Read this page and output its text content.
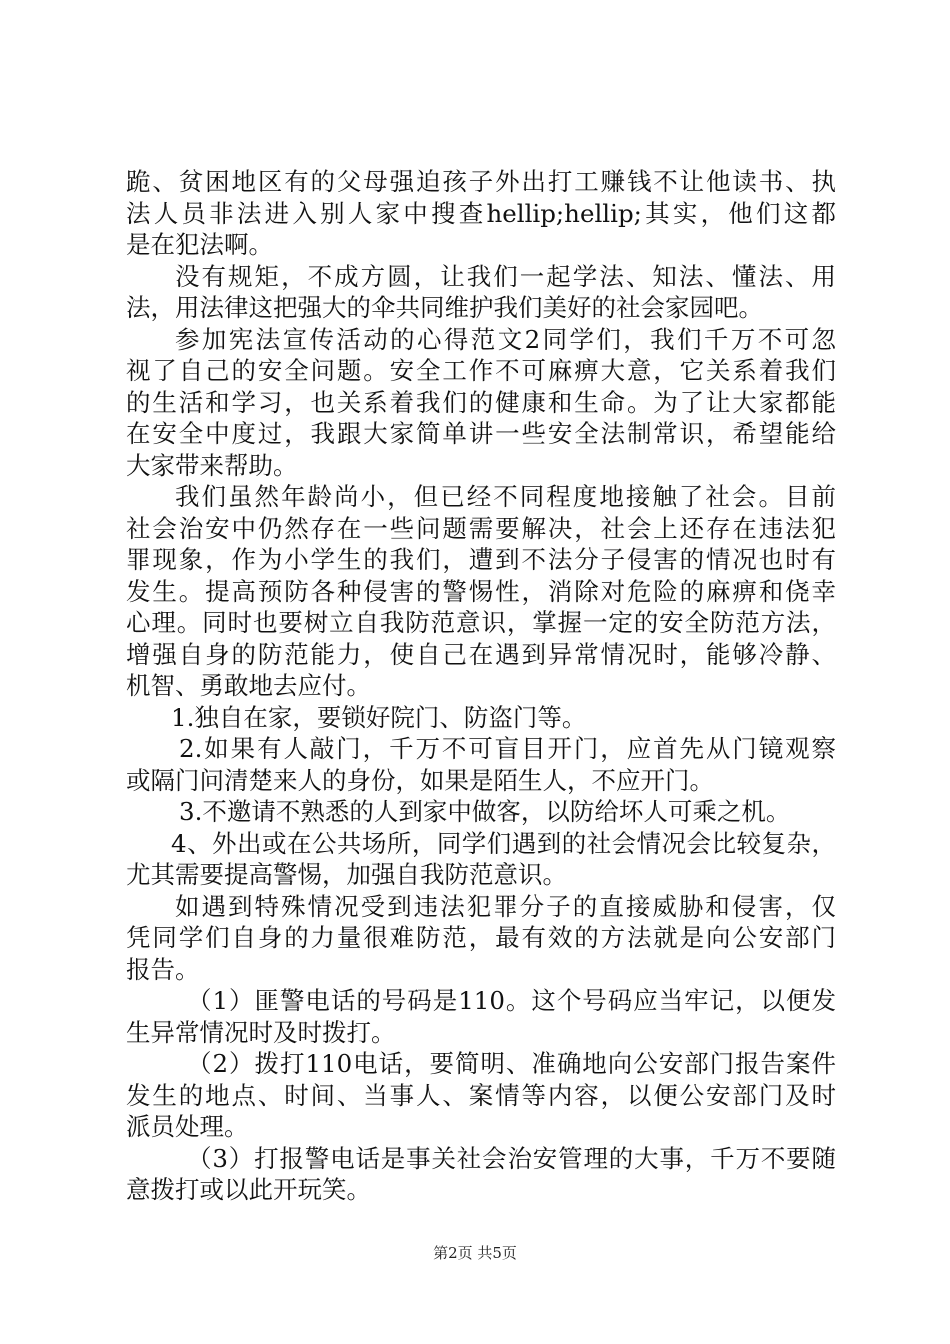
跪、贫困地区有的父母强迫孩子外出打工赚钱不让他读书、执
法人员非法进入别人家中搜查hellip;hellip;其实，他们这都
是在犯法啊。
没有规矩，不成方圆，让我们一起学法、知法、懂法、用
法，用法律这把强大的伞共同维护我们美好的社会家园吧。
参加宪法宣传活动的心得范文2同学们，我们千万不可忽
视了自己的安全问题。安全工作不可麻痹大意，它关系着我们
的生活和学习，也关系着我们的健康和生命。为了让大家都能
在安全中度过，我跟大家简单讲一些安全法制常识，希望能给
大家带来帮助。
我们虽然年龄尚小，但已经不同程度地接触了社会。目前
社会治安中仍然存在一些问题需要解决，社会上还存在违法犯
罪现象，作为小学生的我们，遭到不法分子侵害的情况也时有
发生。提高预防各种侵害的警惕性，消除对危险的麻痹和侥幸
心理。同时也要树立自我防范意识，掌握一定的安全防范方法，
增强自身的防范能力，使自己在遇到异常情况时，能够冷静、
机智、勇敢地去应付。
1.独自在家，要锁好院门、防盗门等。
2.如果有人敲门，千万不可盲目开门，应首先从门镜观察
或隔门问清楚来人的身份，如果是陌生人，不应开门。
3.不邀请不熟悉的人到家中做客，以防给坏人可乘之机。
4、外出或在公共场所，同学们遇到的社会情况会比较复杂，
尤其需要提高警惕，加强自我防范意识。
如遇到特殊情况受到违法犯罪分子的直接威胁和侵害，仅
凭同学们自身的力量很难防范，最有效的方法就是向公安部门
报告。
（1）匪警电话的号码是110。这个号码应当牢记，以便发
生异常情况时及时拨打。
（2）拨打110电话，要简明、准确地向公安部门报告案件
发生的地点、时间、当事人、案情等内容，以便公安部门及时
派员处理。
（3）打报警电话是事关社会治安管理的大事，千万不要随
意拨打或以此开玩笑。
第2页 共5页
